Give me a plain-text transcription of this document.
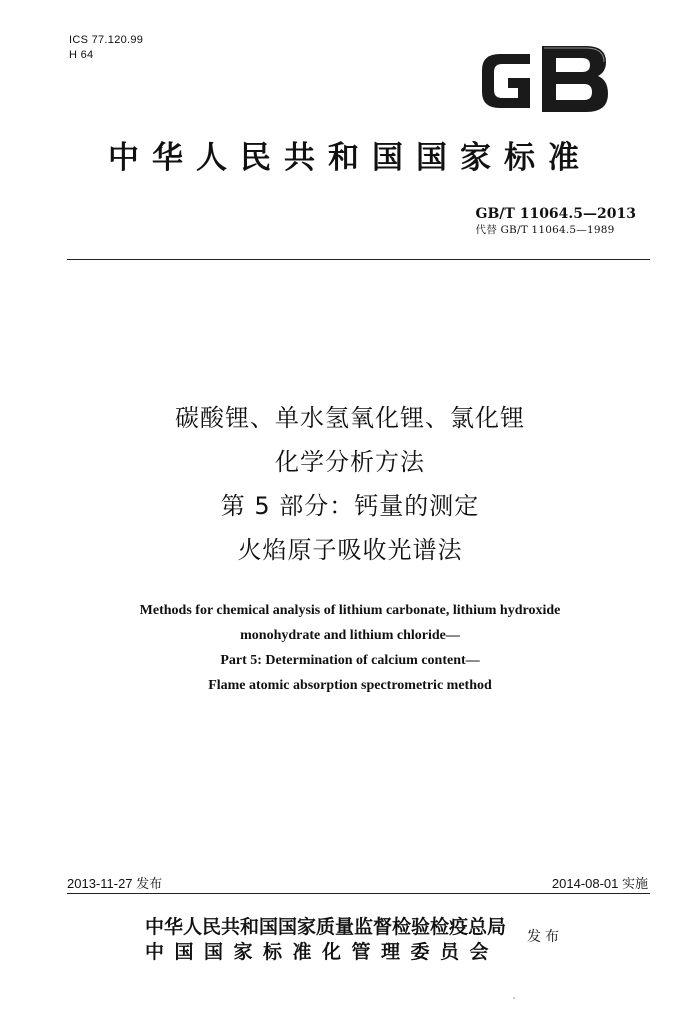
ICS 77.120.99
H 64
中华人民共和国国家标准
GB/T 11064.5—2013
代替 GB/T 11064.5—1989
碳酸锂、单水氢氧化锂、氯化锂
化学分析方法
第 5 部分：钙量的测定
火焰原子吸收光谱法
Methods for chemical analysis of lithium carbonate, lithium hydroxide
monohydrate and lithium chloride—
Part 5: Determination of calcium content—
Flame atomic absorption spectrometric method
2013-11-27 发布	2014-08-01 实施
中华人民共和国国家质量监督检验检疫总局
中国国家标准化管理委员会
发布
